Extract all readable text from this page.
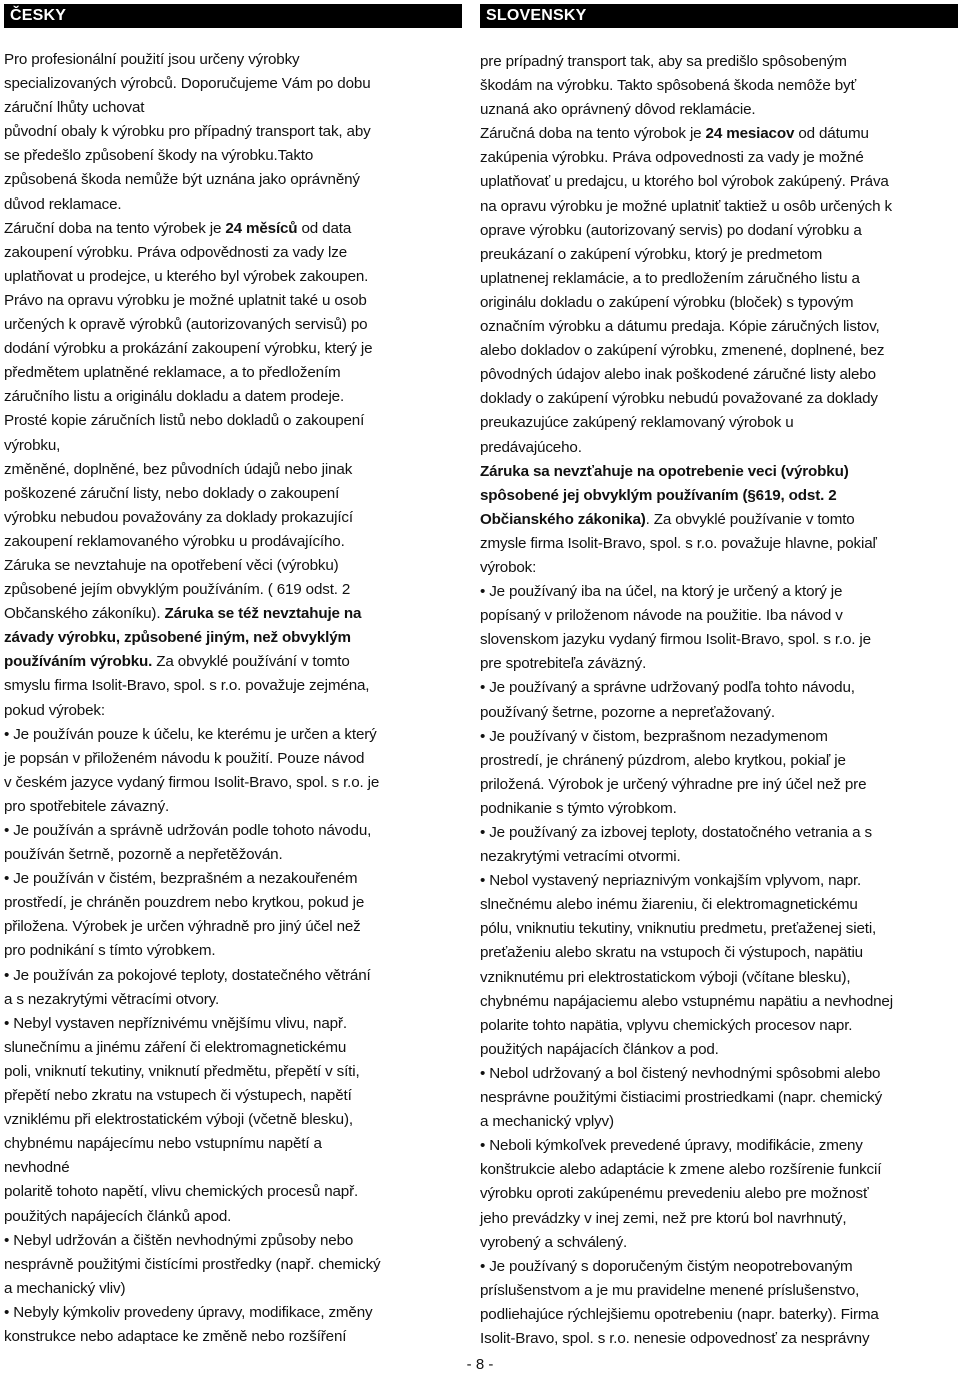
ČESKY
Pro profesionální použití jsou určeny výrobky
specializovaných výrobců. Doporučujeme Vám po dobu
záruční lhůty uchovat
původní obaly k výrobku pro případný transport tak, aby
se předešlo způsobení škody na výrobku.Takto
způsobená škoda nemůže být uznána jako oprávněný
důvod reklamace.
Záruční doba na tento výrobek je 24 měsíců od data
zakoupení výrobku. Práva odpovědnosti za vady lze
uplatňovat u prodejce, u kterého byl výrobek zakoupen.
Právo na opravu výrobku je možné uplatnit také u osob
určených k opravě výrobků (autorizovaných servisů) po
dodání výrobku a prokázání zakoupení výrobku, který je
předmětem uplatněné reklamace, a to předložením
záručního listu a originálu dokladu a datem prodeje.
Prosté kopie záručních listů nebo dokladů o zakoupení
výrobku,
změněné, doplněné, bez původních údajů nebo jinak
poškozené záruční listy, nebo doklady o zakoupení
výrobku nebudou považovány za doklady prokazující
zakoupení reklamovaného výrobku u prodávajícího.
Záruka se nevztahuje na opotřebení věci (výrobku)
způsobené jejím obvyklým používáním. ( 619 odst. 2
Občanského zákoníku). Záruka se též nevztahuje na
závady výrobku, způsobené jiným, než obvyklým
používáním výrobku. Za obvyklé používání v tomto
smyslu firma Isolit-Bravo, spol. s r.o. považuje zejména,
pokud výrobek:
• Je používán pouze k účelu, ke kterému je určen a který
je popsán v přiloženém návodu k použití. Pouze návod
v českém jazyce vydaný firmou Isolit-Bravo, spol. s r.o. je
pro spotřebitele závazný.
• Je používán a správně udržován podle tohoto návodu,
používán šetrně, pozorně a nepřetěžován.
• Je používán v čistém, bezprašném a nezakouřeném
prostředí, je chráněn pouzdrem nebo krytkou, pokud je
přiložena. Výrobek je určen výhradně pro jiný účel než
pro podnikání s tímto výrobkem.
• Je používán za pokojové teploty, dostatečného větrání
a s nezakrytými větracími otvory.
• Nebyl vystaven nepříznivému vnějšímu vlivu, např.
slunečnímu a jinému záření či elektromagnetickému
poli, vniknutí tekutiny, vniknutí předmětu, přepětí v síti,
přepětí nebo zkratu na vstupech či výstupech, napětí
vzniklému při elektrostatickém výboji (včetně blesku),
chybnému napájecímu nebo vstupnímu napětí a
nevhodné
polaritě tohoto napětí, vlivu chemických procesů např.
použitých napájecích článků apod.
• Nebyl udržován a čištěn nevhodnými způsoby nebo
nesprávně použitými čistícími prostředky (např. chemický
a mechanický vliv)
• Nebyly kýmkoliv provedeny úpravy, modifikace, změny
konstrukce nebo adaptace ke změně nebo rozšíření
SLOVENSKY
pre prípadný transport tak, aby sa predišlo spôsobeným
škodám na výrobku. Takto spôsobená škoda nemôže byť
uznaná ako oprávnený dôvod reklamácie.
Záručná doba na tento výrobok je 24 mesiacov od dátumu
zakúpenia výrobku. Práva odpovednosti za vady je možné
uplatňovať u predajcu, u ktorého bol výrobok zakúpený. Práva
na opravu výrobku je možné uplatniť taktiež u osôb určených k
oprave výrobku (autorizovaný servis) po dodaní výrobku a
preukázaní o zakúpení výrobku, ktorý je predmetom
uplatnenej reklamácie, a to predložením záručného listu a
originálu dokladu o zakúpení výrobku (bloček) s typovým
označním výrobku a dátumu predaja. Kópie záručných listov,
alebo dokladov o zakúpení výrobku, zmenené, doplnené, bez
pôvodných údajov alebo inak poškodené záručné listy alebo
doklady o zakúpení výrobku nebudú považované za doklady
preukazujúce zakúpený reklamovaný výrobok u
predávajúceho.
Záruka sa nevzťahuje na opotrebenie veci (výrobku)
spôsobené jej obvyklým používaním (§619, odst. 2
Občianského zákonika). Za obvyklé používanie v tomto
zmysle firma Isolit-Bravo, spol. s r.o. považuje hlavne, pokiaľ
výrobok:
• Je používaný iba na účel, na ktorý je určený a ktorý je
popísaný v priloženom návode na použitie. Iba návod v
slovenskom jazyku vydaný firmou Isolit-Bravo, spol. s r.o. je
pre spotrebiteľa záväzný.
• Je používaný a správne udržovaný podľa tohto návodu,
používaný šetrne, pozorne a nepreťažovaný.
• Je používaný v čistom, bezprašnom nezadymenom
prostredí, je chránený púzdrom, alebo krytkou, pokiaľ je
priložená. Výrobok je určený výhradne pre iný účel než pre
podnikanie s týmto výrobkom.
• Je používaný za izbovej teploty, dostatočného vetrania a s
nezakrytými vetracími otvormi.
• Nebol vystavený nepriaznivým vonkajším vplyvom, napr.
slnečnému alebo inému žiareniu, či elektromagnetickému
pólu, vniknutiu tekutiny, vniknutiu predmetu, preťaženej sieti,
preťaženiu alebo skratu na vstupoch či výstupoch, napätiu
vzniknutému pri elektrostatickom výboji (včítane blesku),
chybnému napájaciemu alebo vstupnému napätiu a nevhodnej
polarite tohto napätia, vplyvu chemických procesov napr.
použitých napájacích článkov a pod.
• Nebol udržovaný a bol čistený nevhodnými spôsobmi alebo
nesprávne použitými čistiacimi prostriedkami (napr. chemický
a mechanický vplyv)
• Neboli kýmkoľvek prevedené úpravy, modifikácie, zmeny
konštrukcie alebo adaptácie k zmene alebo rozšírenie funkcií
výrobku oproti zakúpenému prevedeniu alebo pre možnosť
jeho prevádzky v inej zemi, než pre ktorú bol navrhnutý,
vyrobený a schválený.
• Je používaný s doporučeným čistým neopotrebovaným
príslušenstvom a je mu pravidelne menené príslušenstvo,
podliehajúce rýchlejšiemu opotrebeniu (napr. baterky). Firma
Isolit-Bravo, spol. s r.o. nenesie odpovednosť za nesprávny
- 8 -
